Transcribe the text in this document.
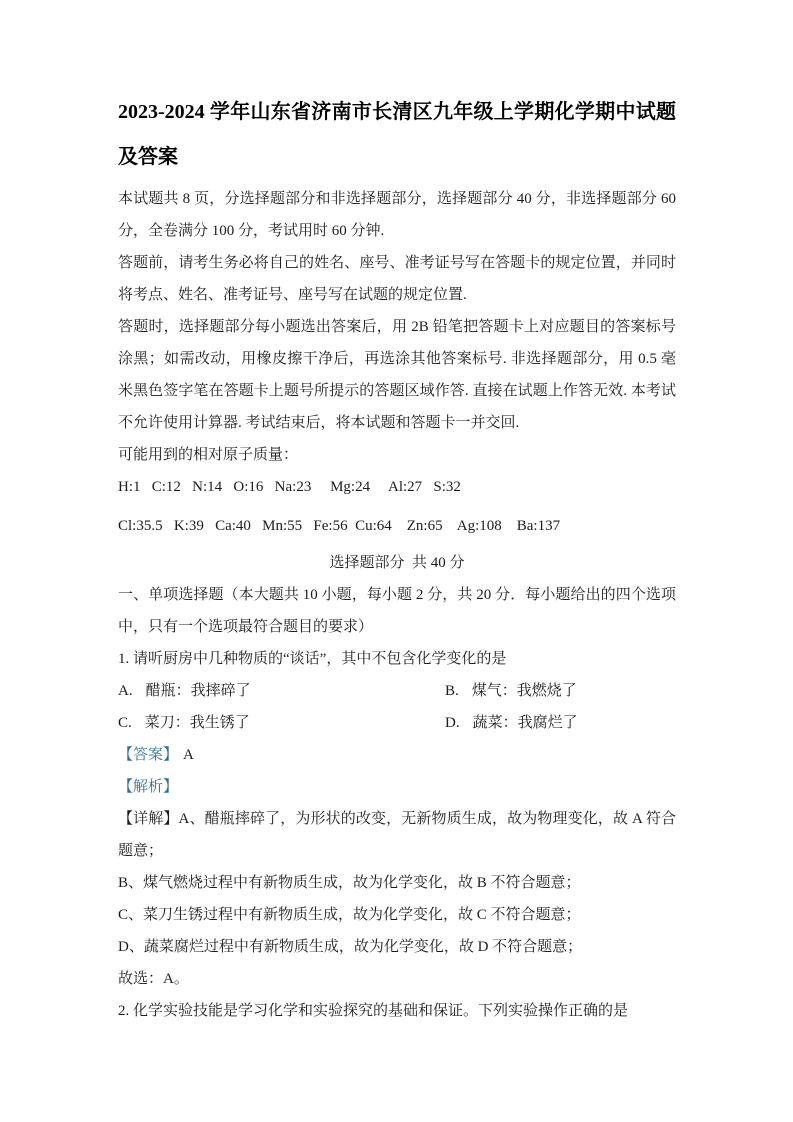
2023-2024 学年山东省济南市长清区九年级上学期化学期中试题及答案

本试题共 8 页，分选择题部分和非选择题部分，选择题部分 40 分，非选择题部分 60 分，全卷满分 100 分，考试用时 60 分钟.

答题前，请考生务必将自己的姓名、座号、准考证号写在答题卡的规定位置，并同时将考点、姓名、准考证号、座号写在试题的规定位置.

答题时，选择题部分每小题选出答案后，用 2B 铅笔把答题卡上对应题目的答案标号涂黑；如需改动，用橡皮擦干净后，再选涂其他答案标号. 非选择题部分，用 0.5 毫米黑色签字笔在答题卡上题号所提示的答题区域作答. 直接在试题上作答无效. 本考试不允许使用计算器. 考试结束后，将本试题和答题卡一并交回.

可能用到的相对原子质量：

H:1   C:12   N:14   O:16   Na:23     Mg:24     Al:27   S:32

Cl:35.5   K:39   Ca:40   Mn:55   Fe:56  Cu:64    Zn:65    Ag:108    Ba:137

选择题部分  共 40 分

一、单项选择题（本大题共 10 小题，每小题 2 分，共 20 分．每小题给出的四个选项中，只有一个选项最符合题目的要求）

1. 请听厨房中几种物质的“谈话”，其中不包含化学变化的是

A. 醋瓶：我摔碎了	B. 煤气：我燃烧了
C. 菜刀：我生锈了	D. 蔬菜：我腐烂了

【答案】 A

【解析】

【详解】A、醋瓶摔碎了，为形状的改变，无新物质生成，故为物理变化，故 A 符合题意；

B、煤气燃烧过程中有新物质生成，故为化学变化，故 B 不符合题意；

C、菜刀生锈过程中有新物质生成，故为化学变化，故 C 不符合题意；

D、蔬菜腐烂过程中有新物质生成，故为化学变化，故 D 不符合题意；

故选：A。

2. 化学实验技能是学习化学和实验探究的基础和保证。下列实验操作正确的是
